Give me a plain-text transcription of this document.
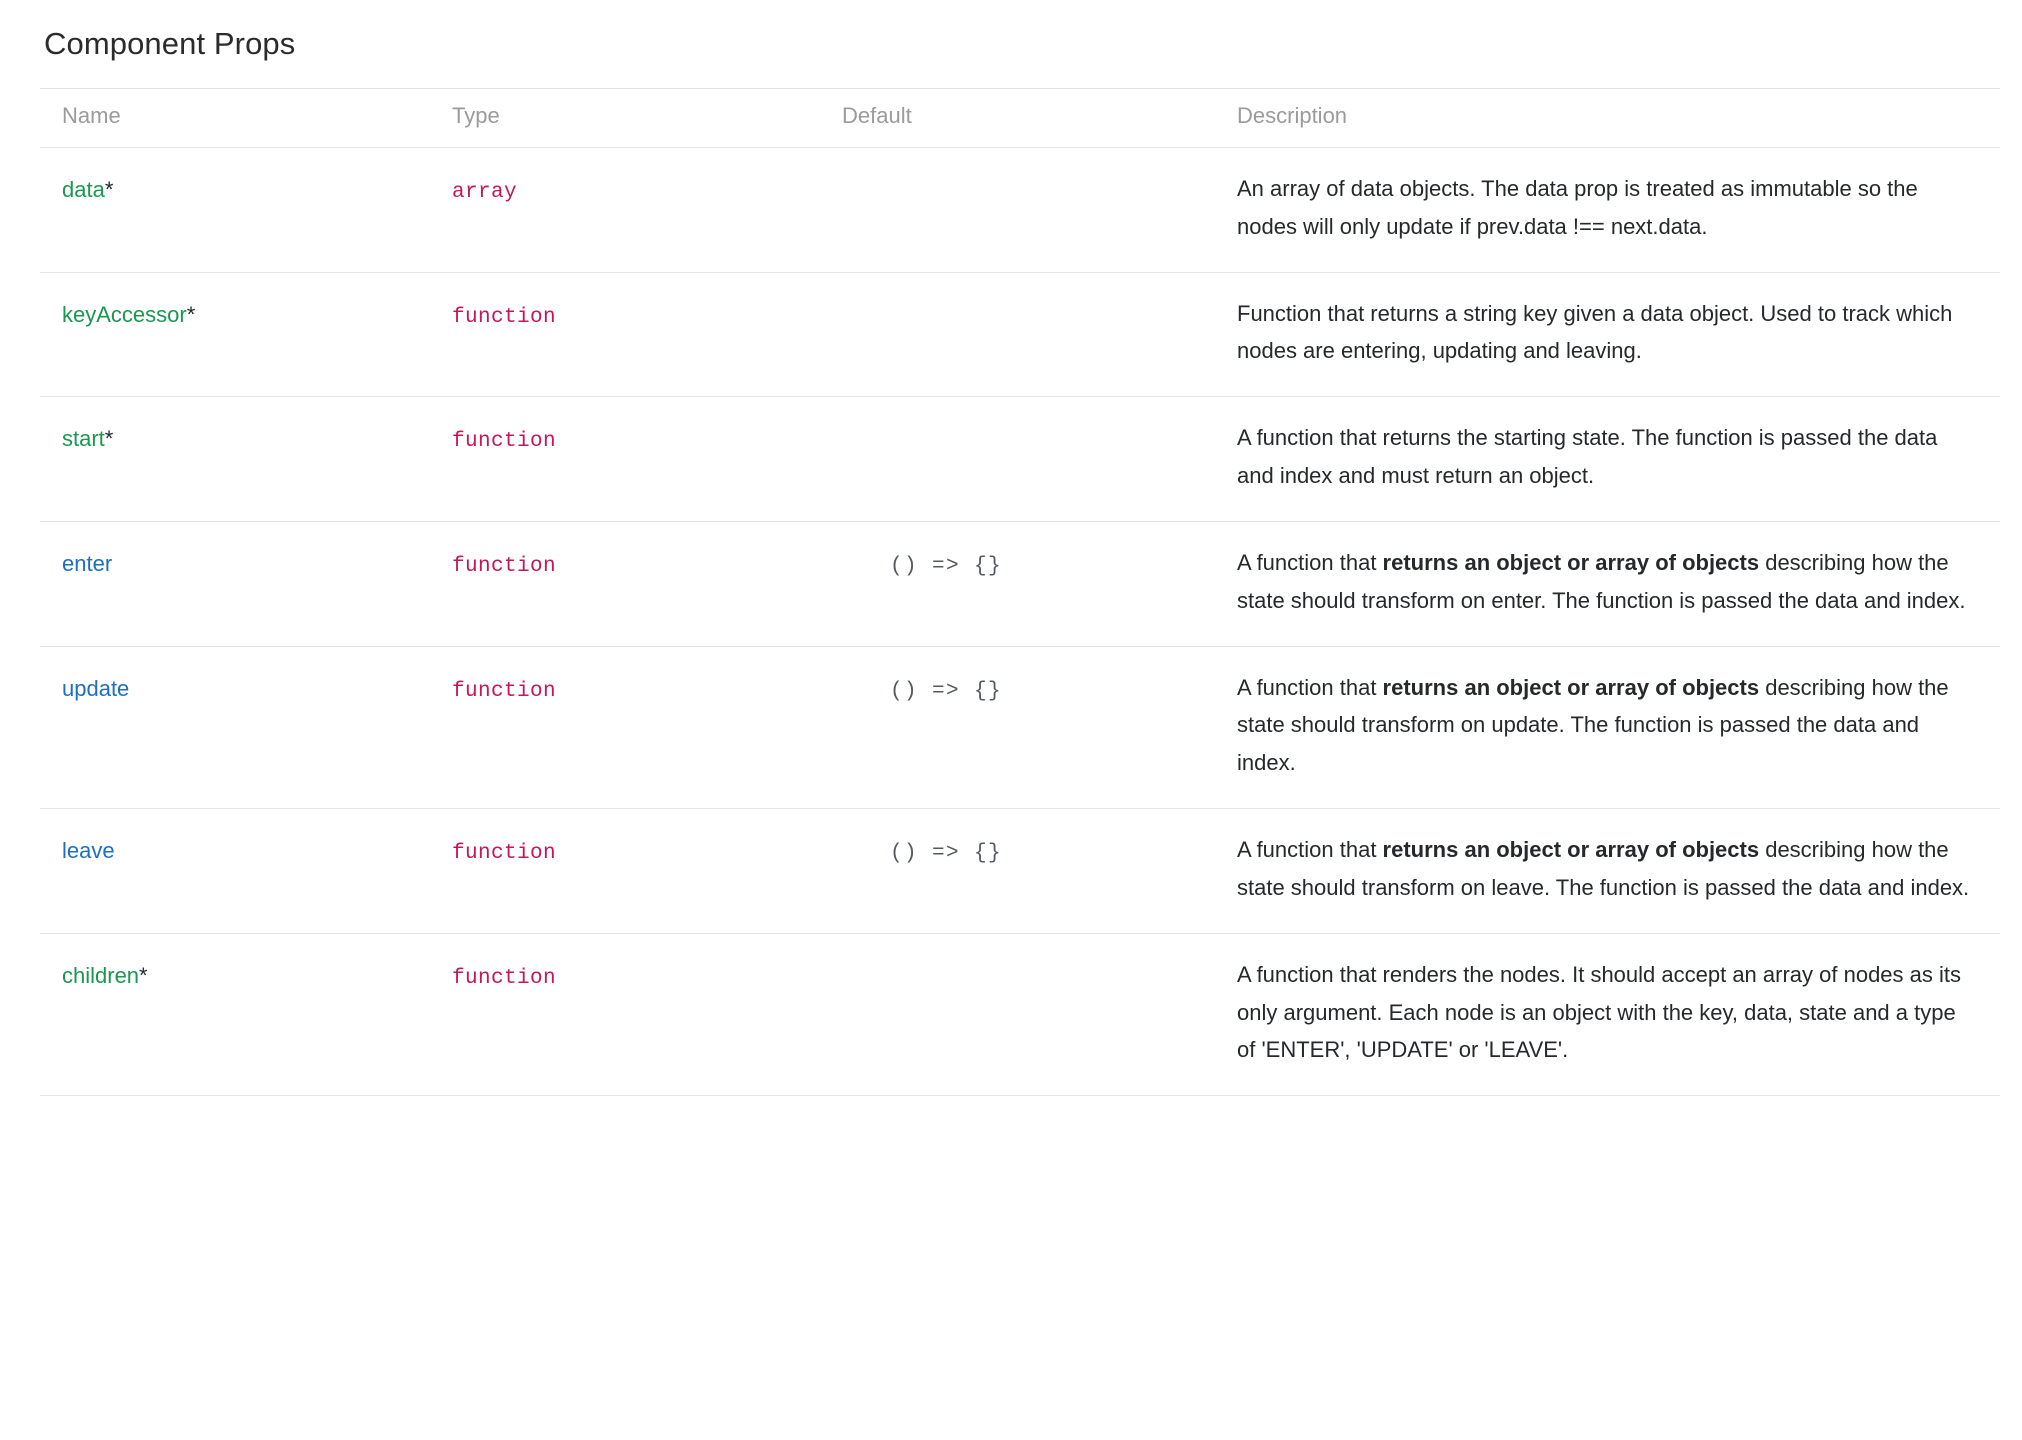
Component Props
Name	Type	Default	Description
data*	array		An array of data objects. The data prop is treated as immutable so the nodes will only update if prev.data !== next.data.

keyAccessor*	function		Function that returns a string key given a data object. Used to track which nodes are entering, updating and leaving.

start*	function		A function that returns the starting state. The function is passed the data and index and must return an object.

enter	function	() => {}	A function that returns an object or array of objects describing how the state should transform on enter. The function is passed the data and index.

update	function	() => {}	A function that returns an object or array of objects describing how the state should transform on update. The function is passed the data and index.

leave	function	() => {}	A function that returns an object or array of objects describing how the state should transform on leave. The function is passed the data and index.

children*	function		A function that renders the nodes. It should accept an array of nodes as its only argument. Each node is an object with the key, data, state and a type of 'ENTER', 'UPDATE' or 'LEAVE'.
